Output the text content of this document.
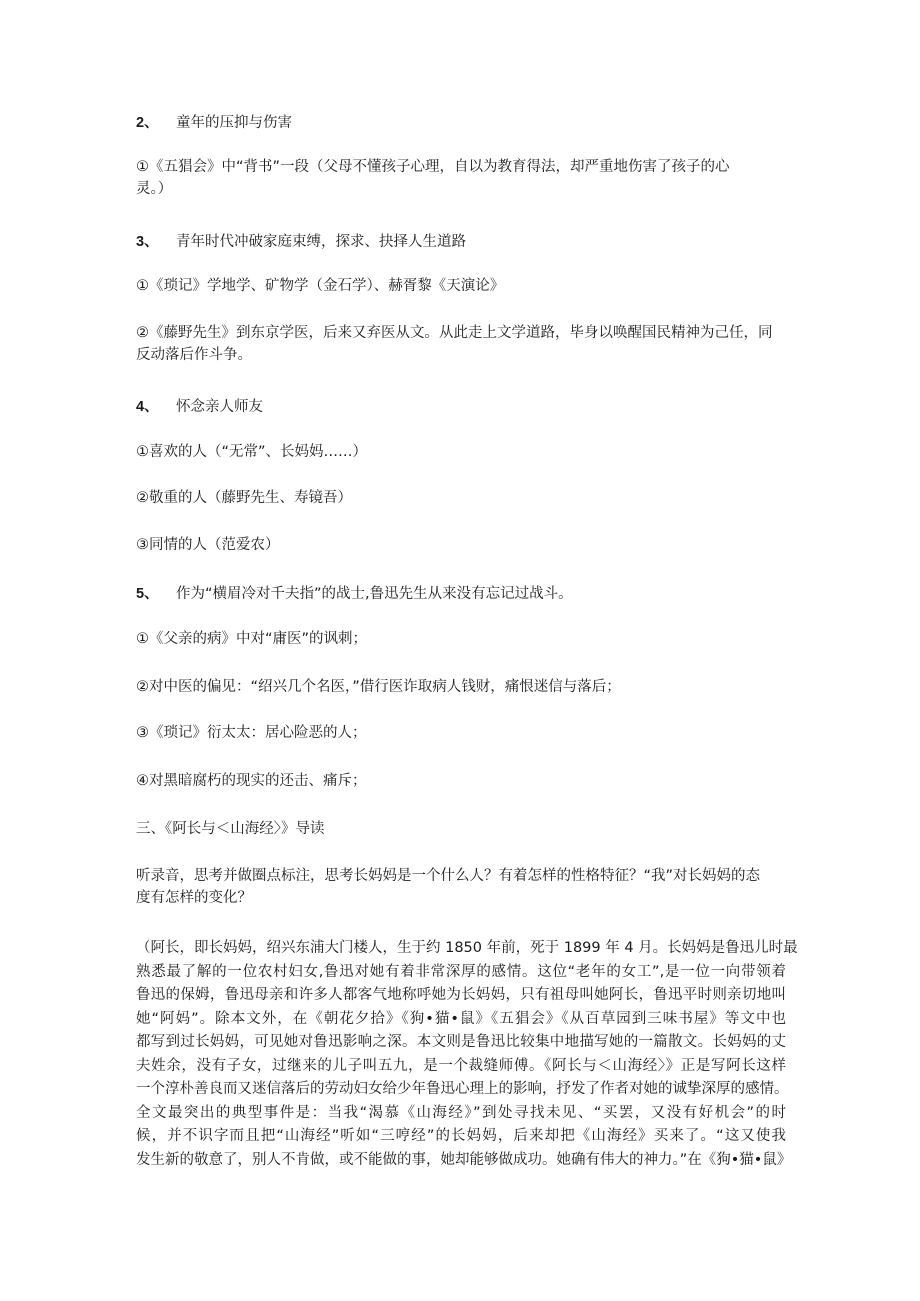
2、	童年的压抑与伤害
①《五猖会》中“背书”一段（父母不懂孩子心理，自以为教育得法，却严重地伤害了孩子的心
灵。）
3、	青年时代冲破家庭束缚，探求、抉择人生道路
①《琐记》学地学、矿物学（金石学）、赫胥黎《天演论》
②《藤野先生》到东京学医，后来又弃医从文。从此走上文学道路，毕身以唤醒国民精神为己任，同
反动落后作斗争。
4、	怀念亲人师友
①喜欢的人（“无常”、长妈妈……）
②敬重的人（藤野先生、寿镜吾）
③同情的人（范爱农）
5、	作为“横眉冷对千夫指”的战士,鲁迅先生从来没有忘记过战斗。
①《父亲的病》中对“庸医”的讽刺；
②对中医的偏见：“绍兴几个名医，”借行医诈取病人钱财，痛恨迷信与落后；
③《琐记》衍太太：居心险恶的人；
④对黑暗腐朽的现实的还击、痛斥；
三、《阿长与＜山海经〉》导读
听录音，思考并做圈点标注，思考长妈妈是一个什么人？有着怎样的性格特征？“我”对长妈妈的态
度有怎样的变化？
（阿长，即长妈妈，绍兴东浦大门楼人，生于约 1850 年前，死于 1899 年 4 月。长妈妈是鲁迅儿时最
熟悉最了解的一位农村妇女,鲁迅对她有着非常深厚的感情。这位“老年的女工”,是一位一向带领着
鲁迅的保姆，鲁迅母亲和许多人都客气地称呼她为长妈妈，只有祖母叫她阿长，鲁迅平时则亲切地叫
她“阿妈”。除本文外，在《朝花夕拾》《狗•猫•鼠》《五猖会》《从百草园到三味书屋》等文中也
都写到过长妈妈，可见她对鲁迅影响之深。本文则是鲁迅比较集中地描写她的一篇散文。长妈妈的丈
夫姓余，没有子女，过继来的儿子叫五九，是一个裁缝师傅。《阿长与＜山海经〉》正是写阿长这样
一个淳朴善良而又迷信落后的劳动妇女给少年鲁迅心理上的影响，抒发了作者对她的诚挚深厚的感情。
全文最突出的典型事件是：当我“渴慕《山海经》”到处寻找未见、“买罢，又没有好机会”的时
候，并不识字而且把“山海经”听如“三哼经”的长妈妈，后来却把《山海经》买来了。“这又使我
发生新的敬意了，别人不肯做，或不能做的事，她却能够做成功。她确有伟大的神力。”在《狗•猫•鼠》
